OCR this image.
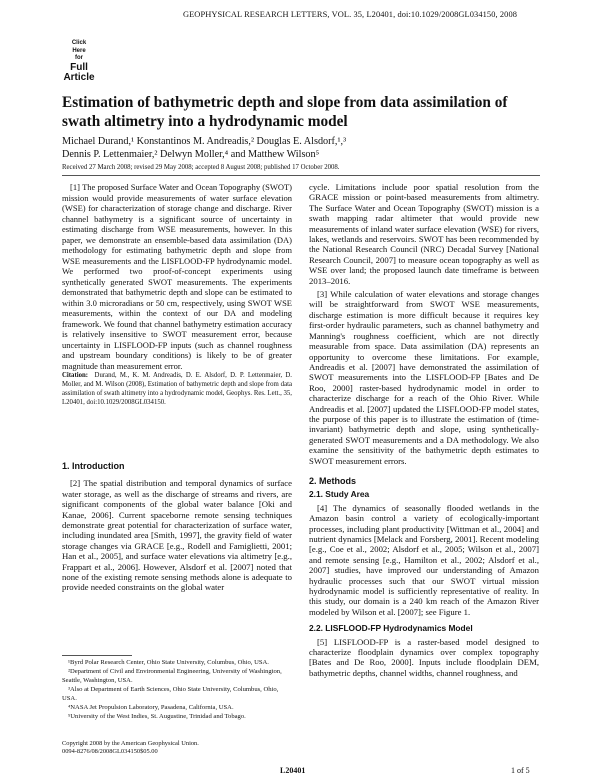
GEOPHYSICAL RESEARCH LETTERS, VOL. 35, L20401, doi:10.1029/2008GL034150, 2008
Click
Here
for
Full
Article
Estimation of bathymetric depth and slope from data assimilation of swath altimetry into a hydrodynamic model
Michael Durand,¹ Konstantinos M. Andreadis,² Douglas E. Alsdorf,¹,³
Dennis P. Lettenmaier,² Delwyn Moller,⁴ and Matthew Wilson⁵
Received 27 March 2008; revised 29 May 2008; accepted 8 August 2008; published 17 October 2008.

[1] The proposed Surface Water and Ocean Topography (SWOT) mission would provide measurements of water surface elevation (WSE) for characterization of storage change and discharge. River channel bathymetry is a significant source of uncertainty in estimating discharge from WSE measurements, however. In this paper, we demonstrate an ensemble-based data assimilation (DA) methodology for estimating bathymetric depth and slope from WSE measurements and the LISFLOOD-FP hydrodynamic model. We performed two proof-of-concept experiments using synthetically generated SWOT measurements. The experiments demonstrated that bathymetric depth and slope can be estimated to within 3.0 microradians or 50 cm, respectively, using SWOT WSE measurements, within the context of our DA and modeling framework. We found that channel bathymetry estimation accuracy is relatively insensitive to SWOT measurement error, because uncertainty in LISFLOOD-FP inputs (such as channel roughness and upstream boundary conditions) is likely to be of greater magnitude than measurement error.

Citation: Durand, M., K. M. Andreadis, D. E. Alsdorf, D. P. Lettenmaier, D. Moller, and M. Wilson (2008), Estimation of bathymetric depth and slope from data assimilation of swath altimetry into a hydrodynamic model, Geophys. Res. Lett., 35, L20401, doi:10.1029/2008GL034150.

1. Introduction

[2] The spatial distribution and temporal dynamics of surface water storage, as well as the discharge of streams and rivers, are significant components of the global water balance [Oki and Kanae, 2006]. Current spaceborne remote sensing techniques demonstrate great potential for characterization of surface water, including inundated area [Smith, 1997], the gravity field of water storage changes via GRACE [e.g., Rodell and Famiglietti, 2001; Han et al., 2005], and surface water elevations via altimetry [e.g., Frappart et al., 2006]. However, Alsdorf et al. [2007] noted that none of the existing remote sensing methods alone is adequate to provide needed constraints on the global water

¹Byrd Polar Research Center, Ohio State University, Columbus, Ohio, USA.

²Department of Civil and Environmental Engineering, University of Washington, Seattle, Washington, USA.

³Also at Department of Earth Sciences, Ohio State University, Columbus, Ohio, USA.

⁴NASA Jet Propulsion Laboratory, Pasadena, California, USA.

⁵University of the West Indies, St. Augustine, Trinidad and Tobago.

Copyright 2008 by the American Geophysical Union.
0094-8276/08/2008GL034150$05.00

cycle. Limitations include poor spatial resolution from the GRACE mission or point-based measurements from altimetry. The Surface Water and Ocean Topography (SWOT) mission is a swath mapping radar altimeter that would provide new measurements of inland water surface elevation (WSE) for rivers, lakes, wetlands and reservoirs. SWOT has been recommended by the National Research Council (NRC) Decadal Survey [National Research Council, 2007] to measure ocean topography as well as WSE over land; the proposed launch date timeframe is between 2013–2016.

[3] While calculation of water elevations and storage changes will be straightforward from SWOT WSE measurements, discharge estimation is more difficult because it requires key first-order hydraulic parameters, such as channel bathymetry and Manning's roughness coefficient, which are not directly measurable from space. Data assimilation (DA) represents an opportunity to overcome these limitations. For example, Andreadis et al. [2007] have demonstrated the assimilation of SWOT measurements into the LISFLOOD-FP [Bates and De Roo, 2000] raster-based hydrodynamic model in order to characterize discharge for a reach of the Ohio River. While Andreadis et al. [2007] updated the LISFLOOD-FP model states, the purpose of this paper is to illustrate the estimation of (time-invariant) bathymetric depth and slope, using synthetically-generated SWOT measurements and a DA methodology. We also examine the sensitivity of the bathymetric depth estimates to SWOT measurement errors.

2. Methods

2.1. Study Area

[4] The dynamics of seasonally flooded wetlands in the Amazon basin control a variety of ecologically-important processes, including plant productivity [Wittman et al., 2004] and nutrient dynamics [Melack and Forsberg, 2001]. Recent modeling [e.g., Coe et al., 2002; Alsdorf et al., 2005; Wilson et al., 2007] and remote sensing [e.g., Hamilton et al., 2002; Alsdorf et al., 2007] studies, have improved our understanding of Amazon hydraulic processes such that our SWOT virtual mission hydrodynamic model is sufficiently representative of reality. In this study, our domain is a 240 km reach of the Amazon River modeled by Wilson et al. [2007]; see Figure 1.

2.2. LISFLOOD-FP Hydrodynamics Model

[5] LISFLOOD-FP is a raster-based model designed to characterize floodplain dynamics over complex topography [Bates and De Roo, 2000]. Inputs include floodplain DEM, bathymetric depths, channel widths, channel roughness, and

L20401	1 of 5
